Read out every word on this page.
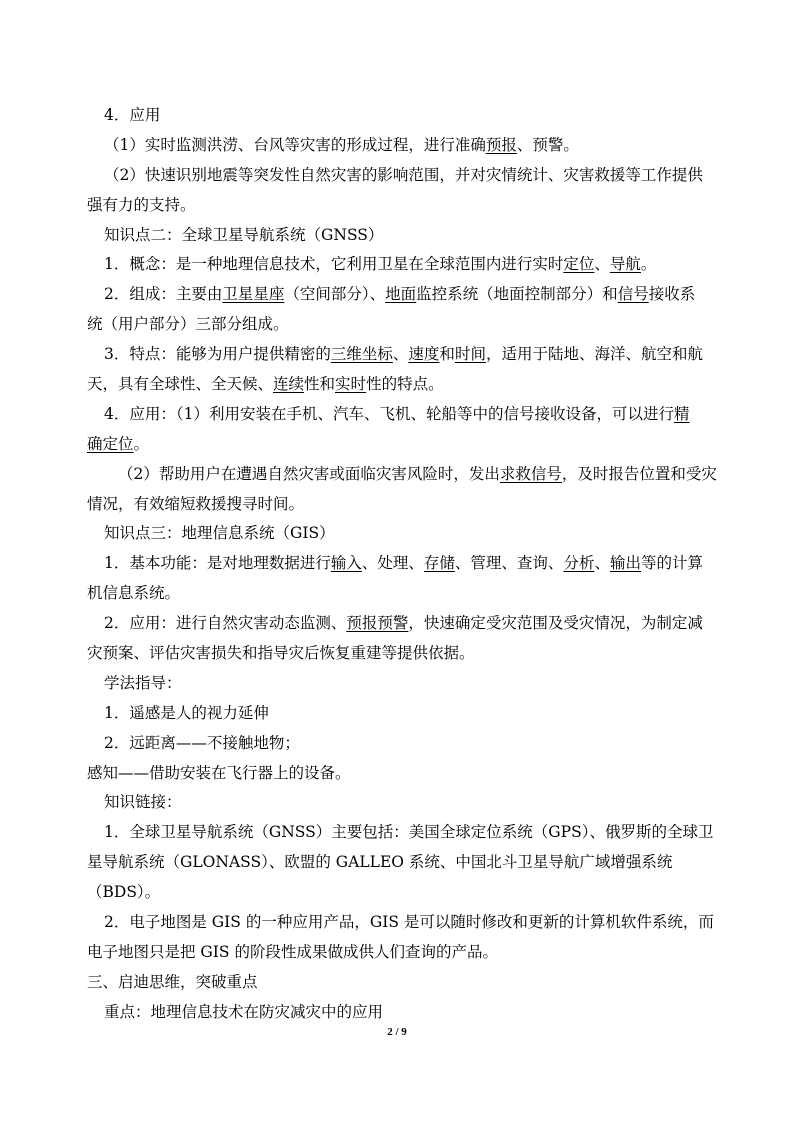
4．应用
（1）实时监测洪涝、台风等灾害的形成过程，进行准确预报、预警。
（2）快速识别地震等突发性自然灾害的影响范围，并对灾情统计、灾害救援等工作提供
强有力的支持。
知识点二：全球卫星导航系统（GNSS）
1．概念：是一种地理信息技术，它利用卫星在全球范围内进行实时定位、导航。
2．组成：主要由卫星星座（空间部分）、地面监控系统（地面控制部分）和信号接收系
统（用户部分）三部分组成。
3．特点：能够为用户提供精密的三维坐标、速度和时间，适用于陆地、海洋、航空和航
天，具有全球性、全天候、连续性和实时性的特点。
4．应用：（1）利用安装在手机、汽车、飞机、轮船等中的信号接收设备，可以进行精
确定位。
（2）帮助用户在遭遇自然灾害或面临灾害风险时，发出求救信号，及时报告位置和受灾
情况，有效缩短救援搜寻时间。
知识点三：地理信息系统（GIS）
1．基本功能：是对地理数据进行输入、处理、存储、管理、查询、分析、输出等的计算
机信息系统。
2．应用：进行自然灾害动态监测、预报预警，快速确定受灾范围及受灾情况，为制定减
灾预案、评估灾害损失和指导灾后恢复重建等提供依据。
学法指导：
1．遥感是人的视力延伸
2．远距离——不接触地物；
感知——借助安装在飞行器上的设备。
知识链接：
1．全球卫星导航系统（GNSS）主要包括：美国全球定位系统（GPS）、俄罗斯的全球卫
星导航系统（GLONASS）、欧盟的 GALLEO 系统、中国北斗卫星导航广域增强系统
（BDS）。
2．电子地图是 GIS 的一种应用产品，GIS 是可以随时修改和更新的计算机软件系统，而
电子地图只是把 GIS 的阶段性成果做成供人们查询的产品。
三、启迪思维，突破重点
重点：地理信息技术在防灾减灾中的应用
2 / 9
